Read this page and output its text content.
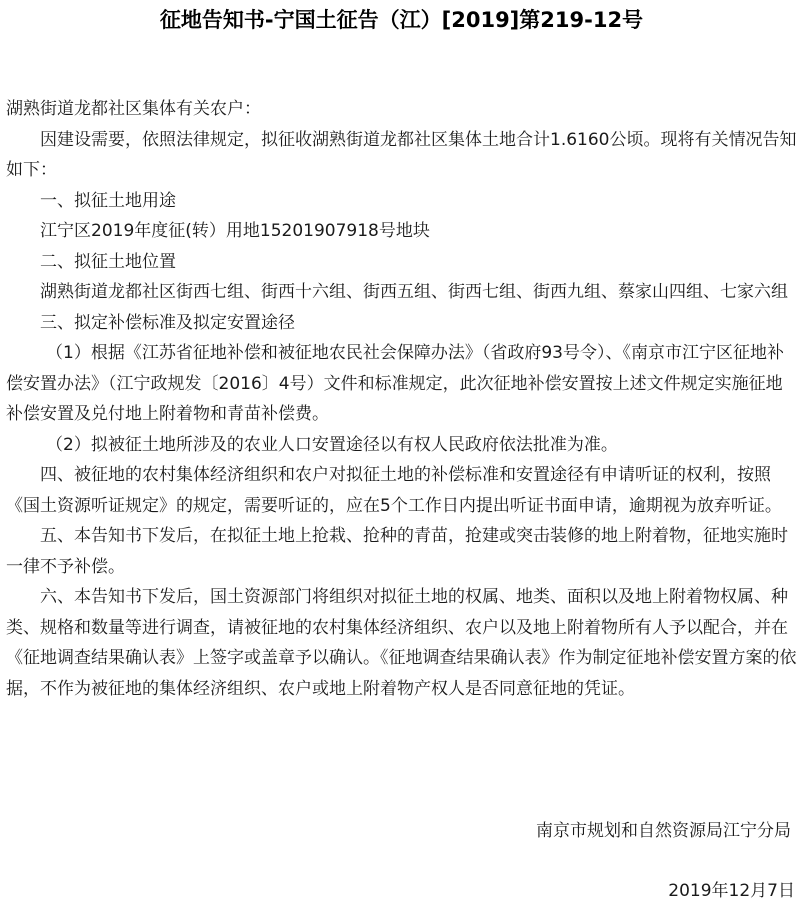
征地告知书-宁国土征告（江）[2019]第219-12号

湖熟街道龙都社区集体有关农户：

因建设需要，依照法律规定，拟征收湖熟街道龙都社区集体土地合计1.6160公顷。现将有关情况告知如下：

一、拟征土地用途

江宁区2019年度征(转）用地15201907918号地块

二、拟征土地位置

湖熟街道龙都社区街西七组、街西十六组、街西五组、街西七组、街西九组、蔡家山四组、七家六组

三、拟定补偿标准及拟定安置途径

（1）根据《江苏省征地补偿和被征地农民社会保障办法》（省政府93号令）、《南京市江宁区征地补偿安置办法》（江宁政规发〔2016〕4号）文件和标准规定，此次征地补偿安置按上述文件规定实施征地补偿安置及兑付地上附着物和青苗补偿费。

（2）拟被征土地所涉及的农业人口安置途径以有权人民政府依法批准为准。

四、被征地的农村集体经济组织和农户对拟征土地的补偿标准和安置途径有申请听证的权利，按照《国土资源听证规定》的规定，需要听证的，应在5个工作日内提出听证书面申请，逾期视为放弃听证。

五、本告知书下发后，在拟征土地上抢栽、抢种的青苗，抢建或突击装修的地上附着物，征地实施时一律不予补偿。

六、本告知书下发后，国土资源部门将组织对拟征土地的权属、地类、面积以及地上附着物权属、种类、规格和数量等进行调查，请被征地的农村集体经济组织、农户以及地上附着物所有人予以配合，并在《征地调查结果确认表》上签字或盖章予以确认。《征地调查结果确认表》作为制定征地补偿安置方案的依据，不作为被征地的集体经济组织、农户或地上附着物产权人是否同意征地的凭证。

南京市规划和自然资源局江宁分局
2019年12月7日
